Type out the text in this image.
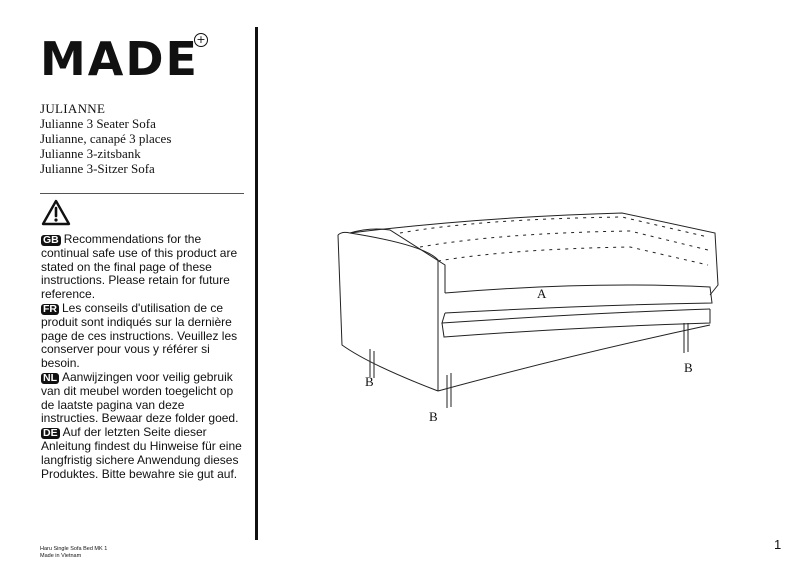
MADE
+
JULIANNE
Julianne 3 Seater Sofa
Julianne, canapé 3 places
Julianne 3-zitsbank
Julianne 3-Sitzer Sofa

GB Recommendations for the continual safe use of this product are stated on the final page of these instructions. Please retain for future reference.

FR Les conseils d'utilisation de ce produit sont indiqués sur la dernière page de ces instructions. Veuillez les conserver pour vous y référer si besoin.

NL Aanwijzingen voor veilig gebruik van dit meubel worden toegelicht op de laatste pagina van deze instructies. Bewaar deze folder goed.

DE Auf der letzten Seite dieser Anleitung findest du Hinweise für eine langfristig sichere Anwendung dieses Produktes. Bitte bewahre sie gut auf.

A
B
B
B
Haru Single Sofa Bed MK 1
Made in Vietnam
1
